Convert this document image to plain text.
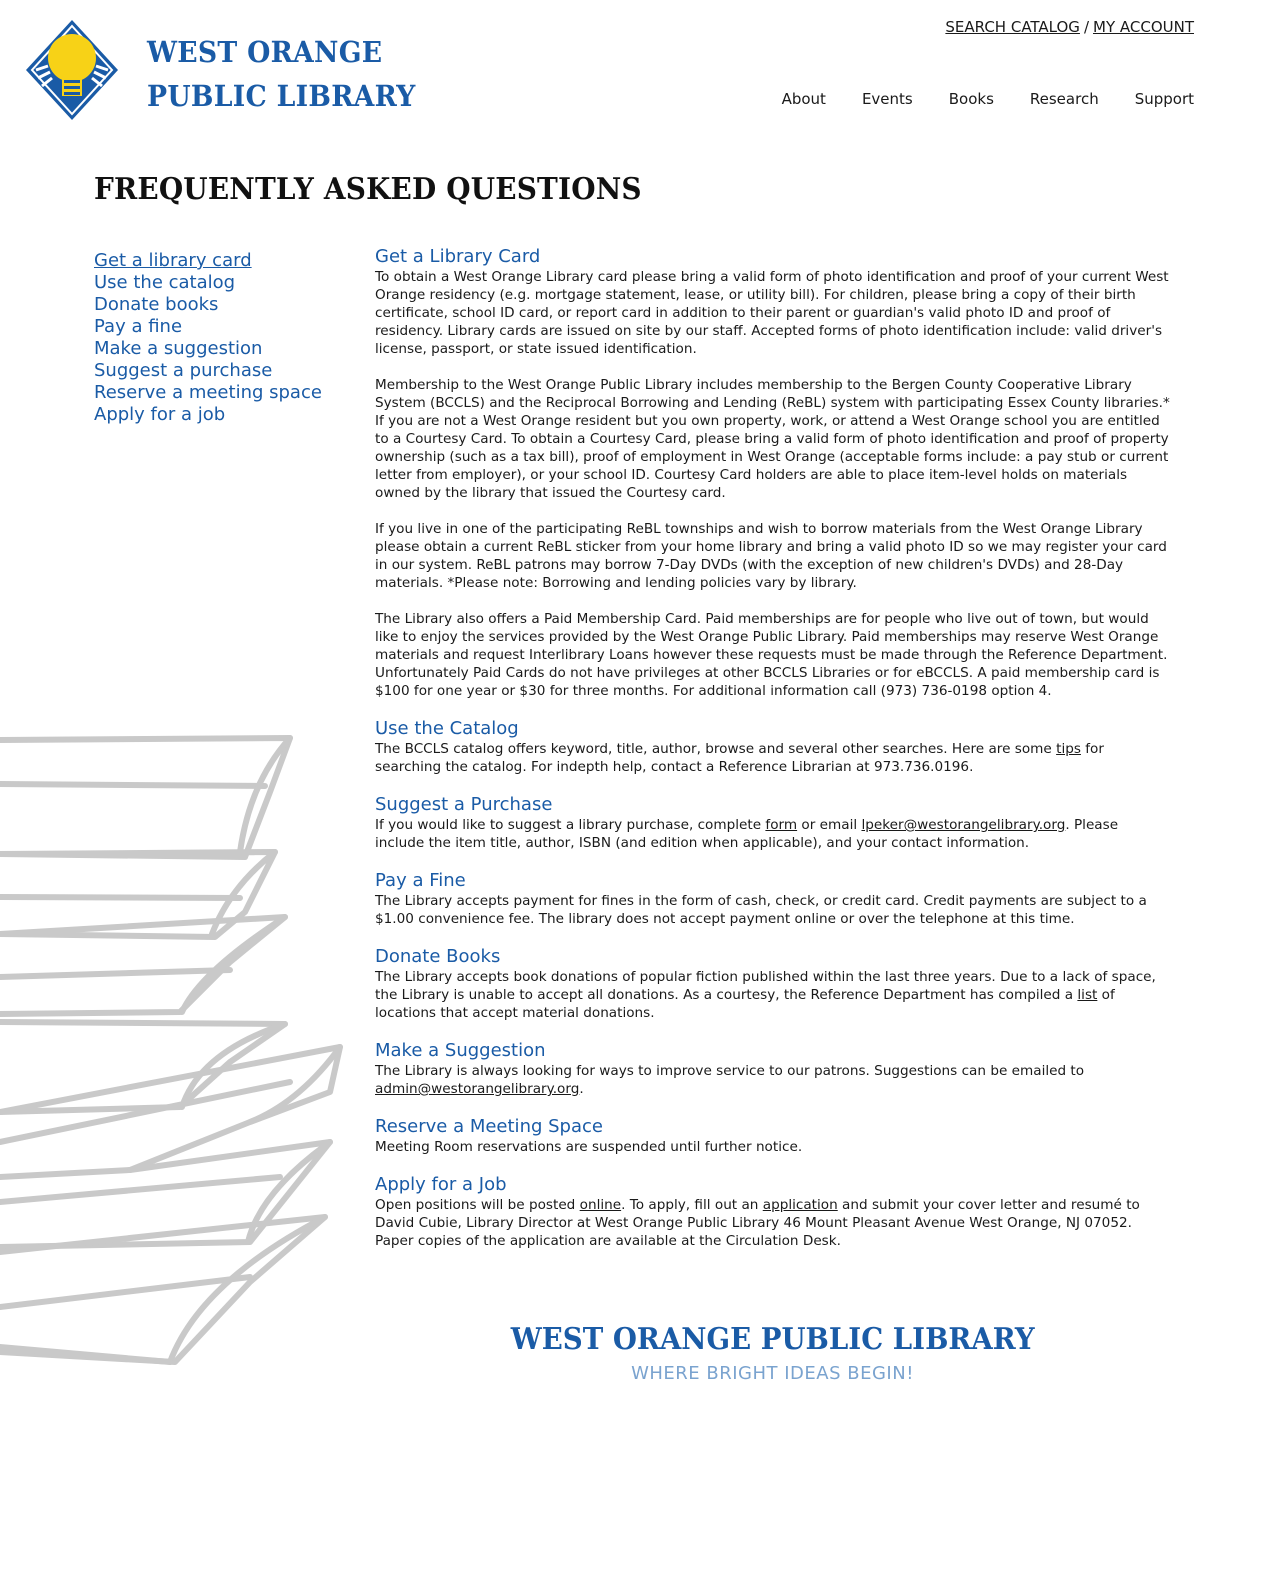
WEST ORANGE
PUBLIC LIBRARY
SEARCH CATALOG / MY ACCOUNT
About Events Books Research Support
FREQUENTLY ASKED QUESTIONS
Get a library card
Use the catalog
Donate books
Pay a fine
Make a suggestion
Suggest a purchase
Reserve a meeting space
Apply for a job
Get a Library Card

To obtain a West Orange Library card please bring a valid form of photo identification and proof of your current West Orange residency (e.g. mortgage statement, lease, or utility bill). For children, please bring a copy of their birth certificate, school ID card, or report card in addition to their parent or guardian's valid photo ID and proof of residency. Library cards are issued on site by our staff. Accepted forms of photo identification include: valid driver's license, passport, or state issued identification.

Membership to the West Orange Public Library includes membership to the Bergen County Cooperative Library System (BCCLS) and the Reciprocal Borrowing and Lending (ReBL) system with participating Essex County libraries.*

If you are not a West Orange resident but you own property, work, or attend a West Orange school you are entitled to a Courtesy Card. To obtain a Courtesy Card, please bring a valid form of photo identification and proof of property ownership (such as a tax bill), proof of employment in West Orange (acceptable forms include: a pay stub or current letter from employer), or your school ID. Courtesy Card holders are able to place item-level holds on materials owned by the library that issued the Courtesy card.

If you live in one of the participating ReBL townships and wish to borrow materials from the West Orange Library please obtain a current ReBL sticker from your home library and bring a valid photo ID so we may register your card in our system. ReBL patrons may borrow 7-Day DVDs (with the exception of new children's DVDs) and 28-Day materials. *Please note: Borrowing and lending policies vary by library.

The Library also offers a Paid Membership Card. Paid memberships are for people who live out of town, but would like to enjoy the services provided by the West Orange Public Library. Paid memberships may reserve West Orange materials and request Interlibrary Loans however these requests must be made through the Reference Department. Unfortunately Paid Cards do not have privileges at other BCCLS Libraries or for eBCCLS. A paid membership card is $100 for one year or $30 for three months. For additional information call (973) 736-0198 option 4.

Use the Catalog

The BCCLS catalog offers keyword, title, author, browse and several other searches. Here are some tips for searching the catalog. For indepth help, contact a Reference Librarian at 973.736.0196.

Suggest a Purchase

If you would like to suggest a library purchase, complete form or email lpeker@westorangelibrary.org. Please include the item title, author, ISBN (and edition when applicable), and your contact information.

Pay a Fine

The Library accepts payment for fines in the form of cash, check, or credit card. Credit payments are subject to a $1.00 convenience fee. The library does not accept payment online or over the telephone at this time.

Donate Books

The Library accepts book donations of popular fiction published within the last three years. Due to a lack of space, the Library is unable to accept all donations. As a courtesy, the Reference Department has compiled a list of locations that accept material donations.

Make a Suggestion

The Library is always looking for ways to improve service to our patrons. Suggestions can be emailed to admin@westorangelibrary.org.

Reserve a Meeting Space

Meeting Room reservations are suspended until further notice.

Apply for a Job

Open positions will be posted online. To apply, fill out an application and submit your cover letter and resumé to David Cubie, Library Director at West Orange Public Library 46 Mount Pleasant Avenue West Orange, NJ 07052. Paper copies of the application are available at the Circulation Desk.

WEST ORANGE PUBLIC LIBRARY
WHERE BRIGHT IDEAS BEGIN!
